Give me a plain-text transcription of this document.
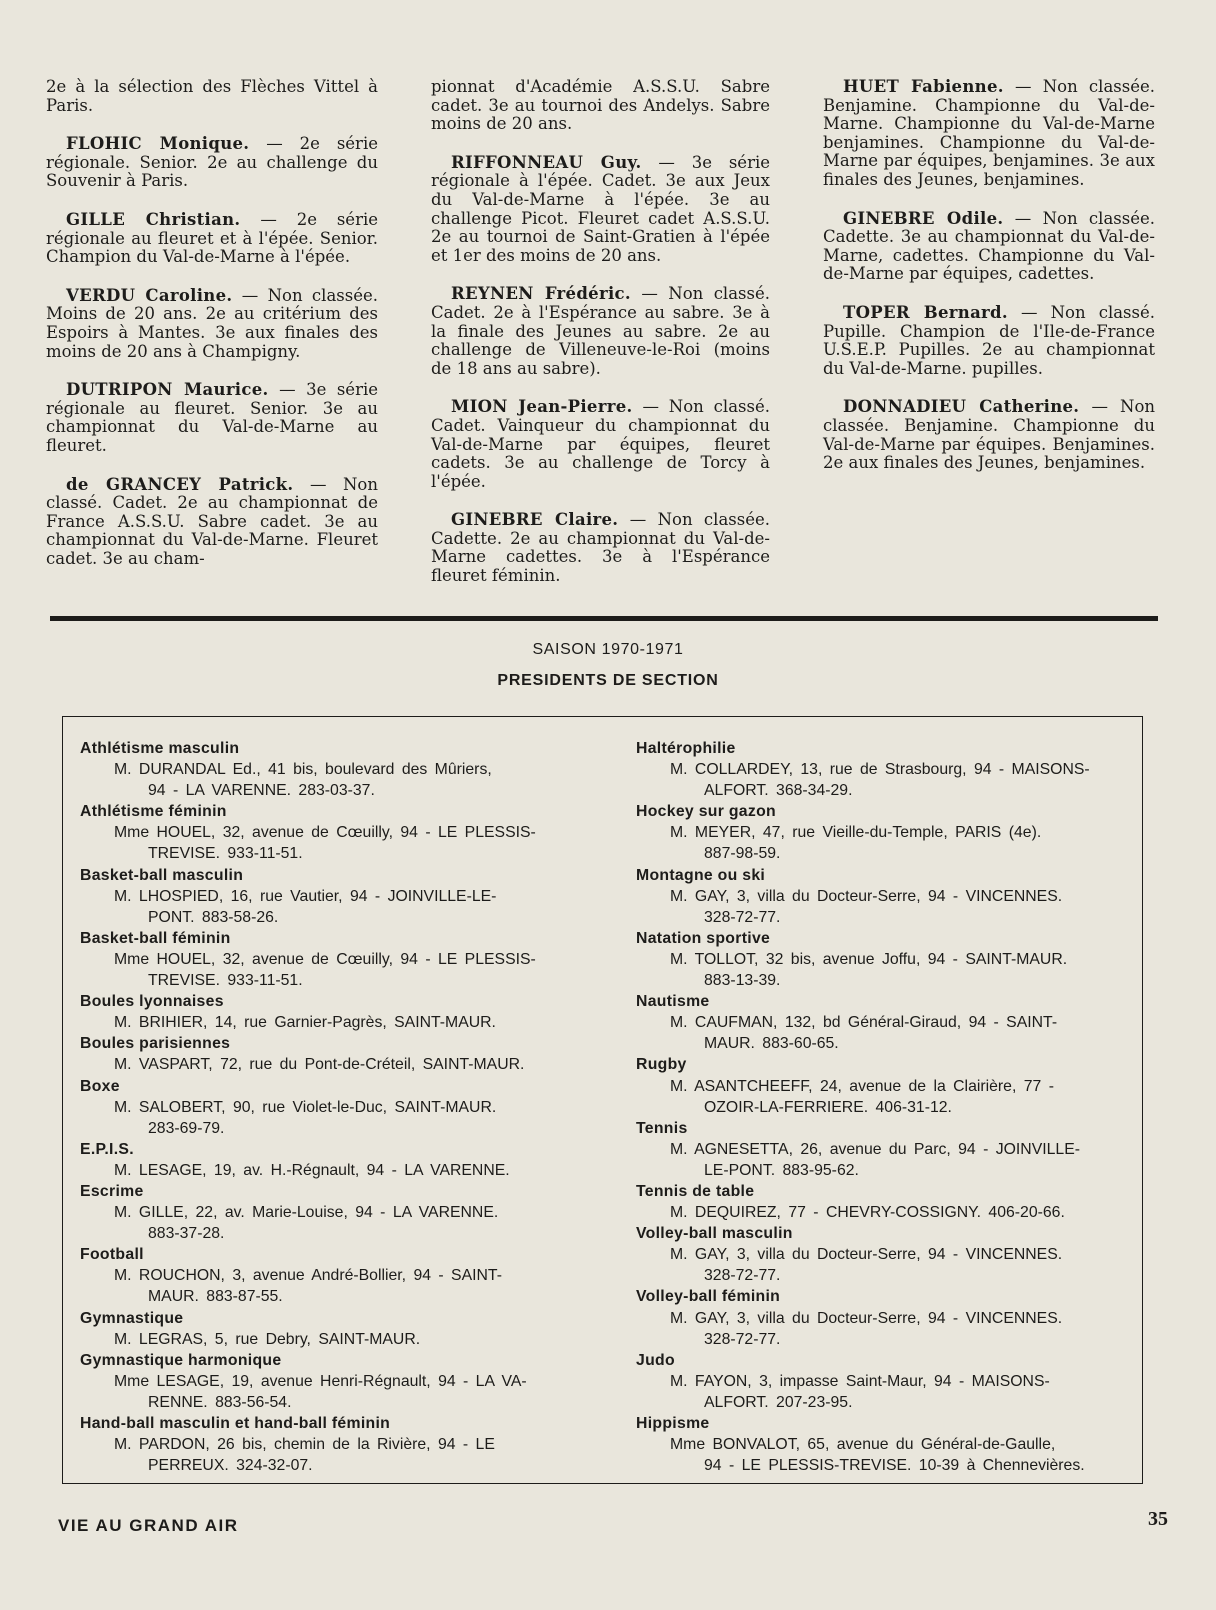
2e à la sélection des Flèches Vittel à Paris.

FLOHIC Monique. — 2e série régionale. Senior. 2e au challenge du Souvenir à Paris.

GILLE Christian. — 2e série régionale au fleuret et à l'épée. Senior. Champion du Val-de-Marne à l'épée.

VERDU Caroline. — Non classée. Moins de 20 ans. 2e au critérium des Espoirs à Mantes. 3e aux finales des moins de 20 ans à Champigny.

DUTRIPON Maurice. — 3e série régionale au fleuret. Senior. 3e au championnat du Val-de-Marne au fleuret.

de GRANCEY Patrick. — Non classé. Cadet. 2e au championnat de France A.S.S.U. Sabre cadet. 3e au championnat du Val-de-Marne. Fleuret cadet. 3e au cham-

pionnat d'Académie A.S.S.U. Sabre cadet. 3e au tournoi des Andelys. Sabre moins de 20 ans.

RIFFONNEAU Guy. — 3e série régionale à l'épée. Cadet. 3e aux Jeux du Val-de-Marne à l'épée. 3e au challenge Picot. Fleuret cadet A.S.S.U. 2e au tournoi de Saint-Gratien à l'épée et 1er des moins de 20 ans.

REYNEN Frédéric. — Non classé. Cadet. 2e à l'Espérance au sabre. 3e à la finale des Jeunes au sabre. 2e au challenge de Villeneuve-le-Roi (moins de 18 ans au sabre).

MION Jean-Pierre. — Non classé. Cadet. Vainqueur du championnat du Val-de-Marne par équipes, fleuret cadets. 3e au challenge de Torcy à l'épée.

GINEBRE Claire. — Non classée. Cadette. 2e au championnat du Val-de-Marne cadettes. 3e à l'Espérance fleuret féminin.

HUET Fabienne. — Non classée. Benjamine. Championne du Val-de-Marne. Championne du Val-de-Marne benjamines. Championne du Val-de-Marne par équipes, benjamines. 3e aux finales des Jeunes, benjamines.

GINEBRE Odile. — Non classée. Cadette. 3e au championnat du Val-de-Marne, cadettes. Championne du Val-de-Marne par équipes, cadettes.

TOPER Bernard. — Non classé. Pupille. Champion de l'Ile-de-France U.S.E.P. Pupilles. 2e au championnat du Val-de-Marne. pupilles.

DONNADIEU Catherine. — Non classée. Benjamine. Championne du Val-de-Marne par équipes. Benjamines. 2e aux finales des Jeunes, benjamines.

SAISON 1970-1971
PRESIDENTS DE SECTION
Athlétisme masculin
M. DURANDAL Ed., 41 bis, boulevard des Mûriers,
94 - LA VARENNE. 283-03-37.
Athlétisme féminin
Mme HOUEL, 32, avenue de Cœuilly, 94 - LE PLESSIS-
TREVISE. 933-11-51.
Basket-ball masculin
M. LHOSPIED, 16, rue Vautier, 94 - JOINVILLE-LE-
PONT. 883-58-26.
Basket-ball féminin
Mme HOUEL, 32, avenue de Cœuilly, 94 - LE PLESSIS-
TREVISE. 933-11-51.
Boules lyonnaises
M. BRIHIER, 14, rue Garnier-Pagrès, SAINT-MAUR.
Boules parisiennes
M. VASPART, 72, rue du Pont-de-Créteil, SAINT-MAUR.
Boxe
M. SALOBERT, 90, rue Violet-le-Duc, SAINT-MAUR.
283-69-79.
E.P.I.S.
M. LESAGE, 19, av. H.-Régnault, 94 - LA VARENNE.
Escrime
M. GILLE, 22, av. Marie-Louise, 94 - LA VARENNE.
883-37-28.
Football
M. ROUCHON, 3, avenue André-Bollier, 94 - SAINT-
MAUR. 883-87-55.
Gymnastique
M. LEGRAS, 5, rue Debry, SAINT-MAUR.
Gymnastique harmonique
Mme LESAGE, 19, avenue Henri-Régnault, 94 - LA VA-
RENNE. 883-56-54.
Hand-ball masculin et hand-ball féminin
M. PARDON, 26 bis, chemin de la Rivière, 94 - LE
PERREUX. 324-32-07.
Haltérophilie
M. COLLARDEY, 13, rue de Strasbourg, 94 - MAISONS-
ALFORT. 368-34-29.
Hockey sur gazon
M. MEYER, 47, rue Vieille-du-Temple, PARIS (4e).
887-98-59.
Montagne ou ski
M. GAY, 3, villa du Docteur-Serre, 94 - VINCENNES.
328-72-77.
Natation sportive
M. TOLLOT, 32 bis, avenue Joffu, 94 - SAINT-MAUR.
883-13-39.
Nautisme
M. CAUFMAN, 132, bd Général-Giraud, 94 - SAINT-
MAUR. 883-60-65.
Rugby
M. ASANTCHEEFF, 24, avenue de la Clairière, 77 -
OZOIR-LA-FERRIERE. 406-31-12.
Tennis
M. AGNESETTA, 26, avenue du Parc, 94 - JOINVILLE-
LE-PONT. 883-95-62.
Tennis de table
M. DEQUIREZ, 77 - CHEVRY-COSSIGNY. 406-20-66.
Volley-ball masculin
M. GAY, 3, villa du Docteur-Serre, 94 - VINCENNES.
328-72-77.
Volley-ball féminin
M. GAY, 3, villa du Docteur-Serre, 94 - VINCENNES.
328-72-77.
Judo
M. FAYON, 3, impasse Saint-Maur, 94 - MAISONS-
ALFORT. 207-23-95.
Hippisme
Mme BONVALOT, 65, avenue du Général-de-Gaulle,
94 - LE PLESSIS-TREVISE. 10-39 à Chennevières.
VIE AU GRAND AIR	35
